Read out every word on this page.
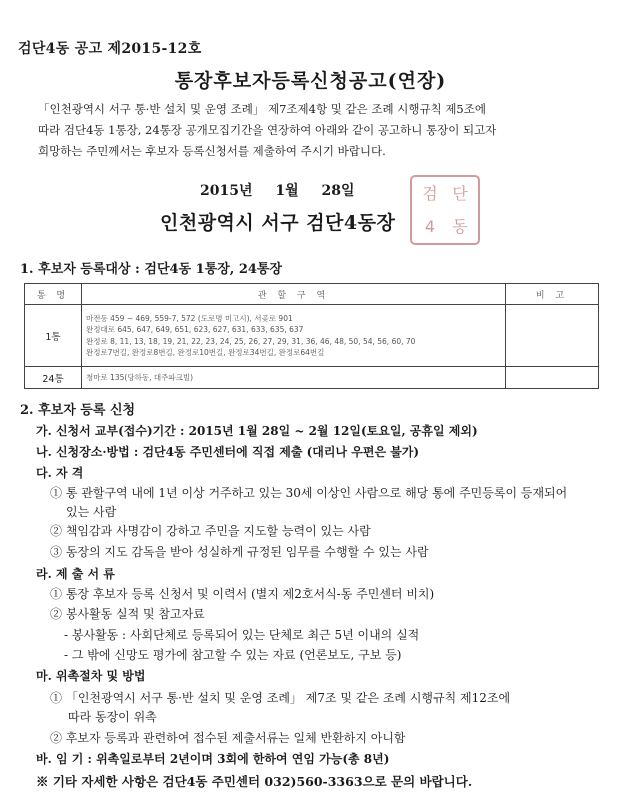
검단4동 공고 제2015-12호
통장후보자등록신청공고(연장)
「인천광역시 서구 통·반 설치 및 운영 조례」 제7조제4항 및 같은 조례 시행규칙 제5조에
따라 검단4동 1통장, 24통장 공개모집기간을 연장하여 아래와 같이 공고하니 통장이 되고자
희망하는 주민께서는 후보자 등록신청서를 제출하여 주시기 바랍니다.
2015년 1월 28일
인천광역시 서구 검단4동장
검 단
4	동
1. 후보자 등록대상 : 검단4동 1통장, 24통장
통 명	관 할 구 역	비 고
1통	마전동 459 ~ 469, 559-7, 572 (도로명 미고시), 서곶로 901
완정대로 645, 647, 649, 651, 623, 627, 631, 633, 635, 637
완정로 8, 11, 13, 18, 19, 21, 22, 23, 24, 25, 26, 27, 29, 31, 36, 46, 48, 50, 54, 56, 60, 70
완정로7번길, 완정로8번길, 완정로10번길, 완정로34번길, 완정로64번길	

24통	청마로 135(당하동, 대주파크빌)	

2. 후보자 등록 신청
가. 신청서 교부(접수)기간 : 2015년 1월 28일 ~ 2월 12일(토요일, 공휴일 제외)
나. 신청장소·방법 : 검단4동 주민센터에 직접 제출 (대리나 우편은 불가)
다. 자 격
① 통 관할구역 내에 1년 이상 거주하고 있는 30세 이상인 사람으로 해당 통에 주민등록이 등재되어
있는 사람
② 책임감과 사명감이 강하고 주민을 지도할 능력이 있는 사람
③ 동장의 지도 감독을 받아 성실하게 규정된 임무를 수행할 수 있는 사람
라. 제 출 서 류
① 통장 후보자 등록 신청서 및 이력서 (별지 제2호서식-동 주민센터 비치)
② 봉사활동 실적 및 참고자료
- 봉사활동 : 사회단체로 등록되어 있는 단체로 최근 5년 이내의 실적
- 그 밖에 신망도 평가에 참고할 수 있는 자료 (언론보도, 구보 등)
마. 위촉절차 및 방법
① 「인천광역시 서구 통·반 설치 및 운영 조례」 제7조 및 같은 조례 시행규칙 제12조에
따라 동장이 위촉
② 후보자 등록과 관련하여 접수된 제출서류는 일체 반환하지 아니함
바. 임 기 : 위촉일로부터 2년이며 3회에 한하여 연임 가능(총 8년)
※ 기타 자세한 사항은 검단4동 주민센터 032)560-3363으로 문의 바랍니다.
